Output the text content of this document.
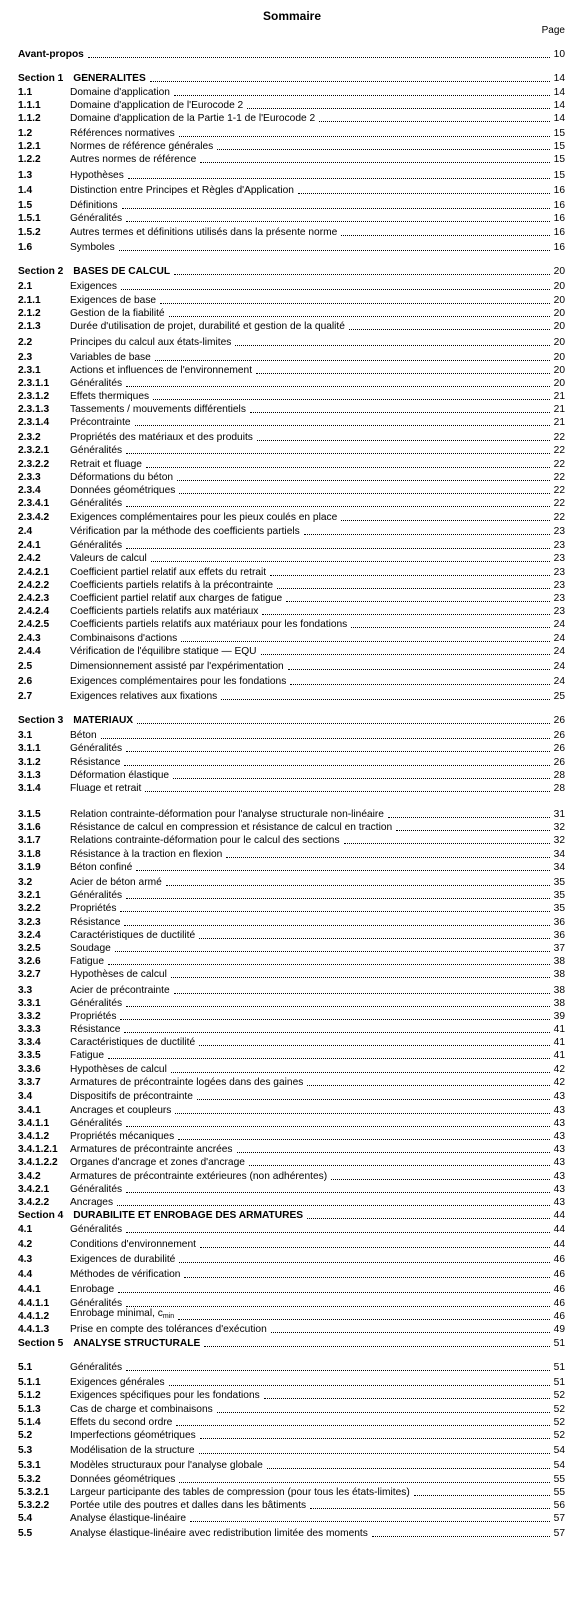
Sommaire
Page
Avant-propos	10
Section 1 GÉNÉRALITÉS	14
1.1	Domaine d'application	14
1.1.1	Domaine d'application de l'Eurocode 2	14
1.1.2	Domaine d'application de la Partie 1-1 de l'Eurocode 2	14
1.2	Références normatives	15
1.2.1	Normes de référence générales	15
1.2.2	Autres normes de référence	15
1.3	Hypothèses	15
1.4	Distinction entre Principes et Règles d'Application	16
1.5	Définitions	16
1.5.1	Généralités	16
1.5.2	Autres termes et définitions utilisés dans la présente norme	16
1.6	Symboles	16
Section 2 BASES DE CALCUL	20
2.1	Exigences	20
2.1.1	Exigences de base	20
2.1.2	Gestion de la fiabilité	20
2.1.3	Durée d'utilisation de projet, durabilité et gestion de la qualité	20
2.2	Principes du calcul aux états-limites	20
2.3	Variables de base	20
2.3.1	Actions et influences de l'environnement	20
2.3.1.1	Généralités	20
2.3.1.2	Effets thermiques	21
2.3.1.3	Tassements / mouvements différentiels	21
2.3.1.4	Précontrainte	21
2.3.2	Propriétés des matériaux et des produits	22
2.3.2.1	Généralités	22
2.3.2.2	Retrait et fluage	22
2.3.3	Déformations du béton	22
2.3.4	Données géométriques	22
2.3.4.1	Généralités	22
2.3.4.2	Exigences complémentaires pour les pieux coulés en place	22
2.4	Vérification par la méthode des coefficients partiels	23
2.4.1	Généralités	23
2.4.2	Valeurs de calcul	23
2.4.2.1	Coefficient partiel relatif aux effets du retrait	23
2.4.2.2	Coefficients partiels relatifs à la précontrainte	23
2.4.2.3	Coefficient partiel relatif aux charges de fatigue	23
2.4.2.4	Coefficients partiels relatifs aux matériaux	23
2.4.2.5	Coefficients partiels relatifs aux matériaux pour les fondations	24
2.4.3	Combinaisons d'actions	24
2.4.4	Vérification de l'équilibre statique — EQU	24
2.5	Dimensionnement assisté par l'expérimentation	24
2.6	Exigences complémentaires pour les fondations	24
2.7	Exigences relatives aux fixations	25
Section 3 MATÉRIAUX	26
3.1	Béton	26
3.1.1	Généralités	26
3.1.2	Résistance	26
3.1.3	Déformation élastique	28
3.1.4	Fluage et retrait	28
3.1.5	Relation contrainte-déformation pour l'analyse structurale non-linéaire	31
3.1.6	Résistance de calcul en compression et résistance de calcul en traction	32
3.1.7	Relations contrainte-déformation pour le calcul des sections	32
3.1.8	Résistance à la traction en flexion	34
3.1.9	Béton confiné	34
3.2	Acier de béton armé	35
3.2.1	Généralités	35
3.2.2	Propriétés	35
3.2.3	Résistance	36
3.2.4	Caractéristiques de ductilité	36
3.2.5	Soudage	37
3.2.6	Fatigue	38
3.2.7	Hypothèses de calcul	38
3.3	Acier de précontrainte	38
3.3.1	Généralités	38
3.3.2	Propriétés	39
3.3.3	Résistance	41
3.3.4	Caractéristiques de ductilité	41
3.3.5	Fatigue	41
3.3.6	Hypothèses de calcul	42
3.3.7	Armatures de précontrainte logées dans des gaines	42
3.4	Dispositifs de précontrainte	43
3.4.1	Ancrages et coupleurs	43
3.4.1.1	Généralités	43
3.4.1.2	Propriétés mécaniques	43
3.4.1.2.1	Armatures de précontrainte ancrées	43
3.4.1.2.2	Organes d'ancrage et zones d'ancrage	43
3.4.2	Armatures de précontrainte extérieures (non adhérentes)	43
3.4.2.1	Généralités	43
3.4.2.2	Ancrages	43
Section 4 DURABILITÉ ET ENROBAGE DES ARMATURES	44
4.1	Généralités	44
4.2	Conditions d'environnement	44
4.3	Exigences de durabilité	46
4.4	Méthodes de vérification	46
4.4.1	Enrobage	46
4.4.1.1	Généralités	46
4.4.1.2	Enrobage minimal, $c_{min}$	46
4.4.1.3	Prise en compte des tolérances d'exécution	49
Section 5 ANALYSE STRUCTURALE	51
5.1	Généralités	51
5.1.1	Exigences générales	51
5.1.2	Exigences spécifiques pour les fondations	52
5.1.3	Cas de charge et combinaisons	52
5.1.4	Effets du second ordre	52
5.2	Imperfections géométriques	52
5.3	Modélisation de la structure	54
5.3.1	Modèles structuraux pour l'analyse globale	54
5.3.2	Données géométriques	55
5.3.2.1	Largeur participante des tables de compression (pour tous les états-limites)	55
5.3.2.2	Portée utile des poutres et dalles dans les bâtiments	56
5.4	Analyse élastique-linéaire	57
5.5	Analyse élastique-linéaire avec redistribution limitée des moments	57
